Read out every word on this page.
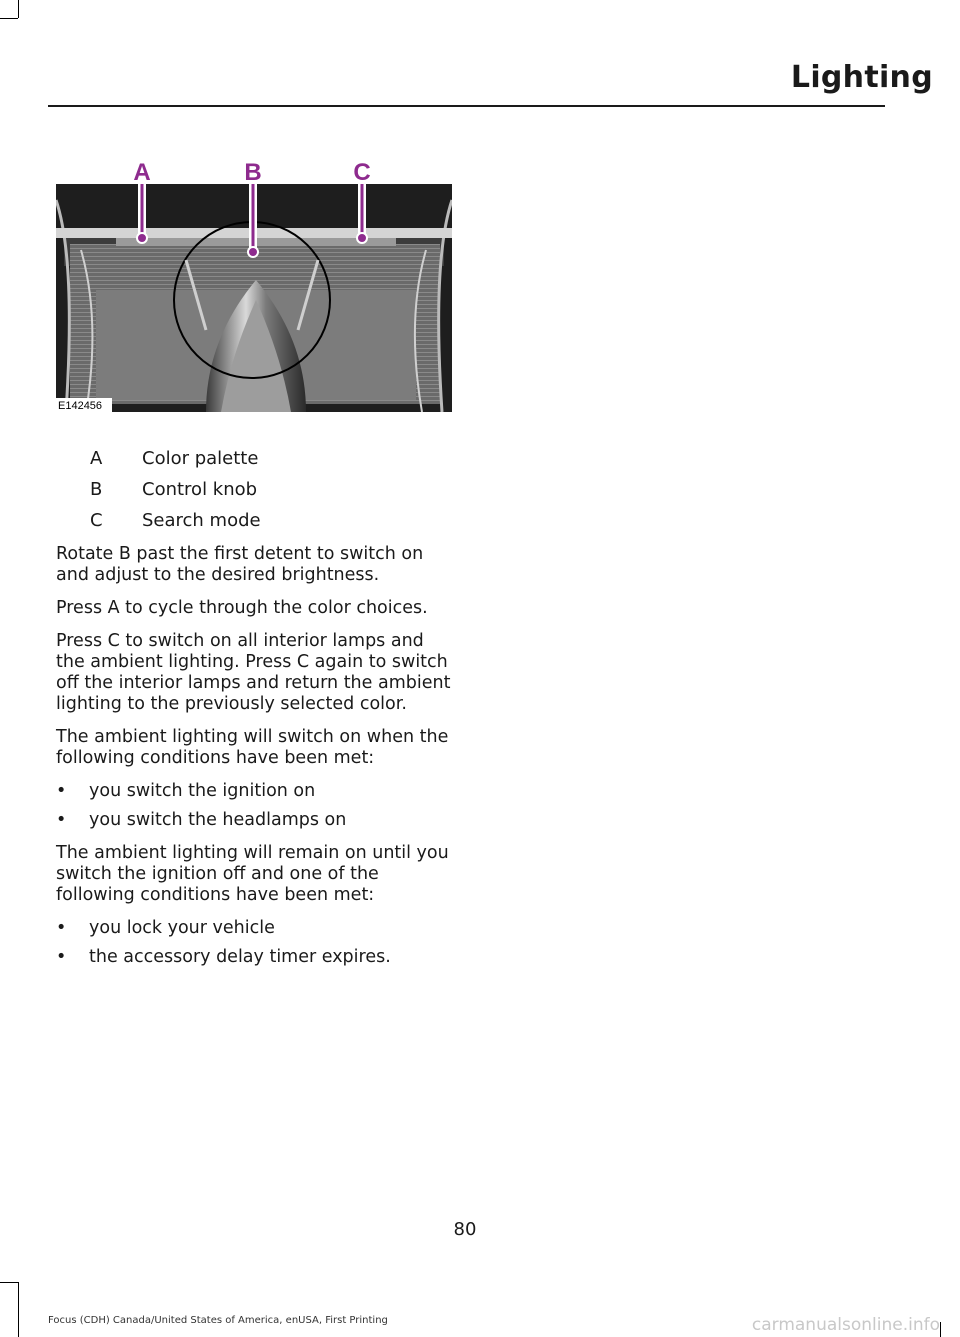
Lighting
A	B	C
E142456
A	Color palette
B	Control knob
C	Search mode

Rotate B past the first detent to switch on and adjust to the desired brightness.

Press A to cycle through the color choices.

Press C to switch on all interior lamps and the ambient lighting. Press C again to switch off the interior lamps and return the ambient lighting to the previously selected color.

The ambient lighting will switch on when the following conditions have been met:

•	you switch the ignition on
•	you switch the headlamps on

The ambient lighting will remain on until you switch the ignition off and one of the following conditions have been met:

•	you lock your vehicle
•	the accessory delay timer expires.
80
Focus (CDH) Canada/United States of America, enUSA, First Printing	carmanualsonline.info
